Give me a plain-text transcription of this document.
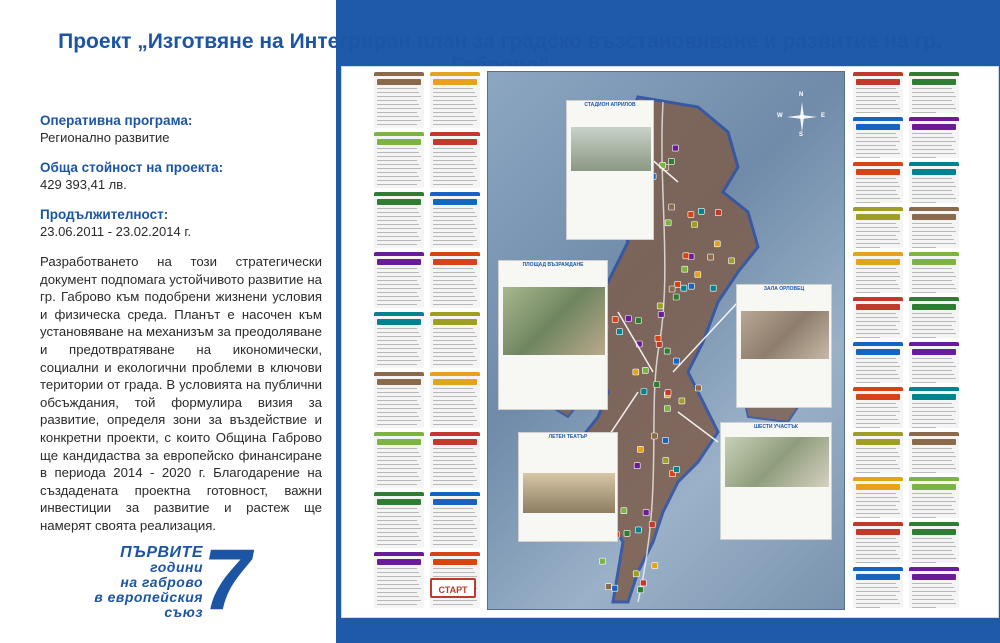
Проект „Изготвяне на Интегриран план за градско възстановяване и развитие на гр.
Оперативна програма:
Регионално развитие
Обща стойност на проекта:
429 393,41 лв.
Продължителност:
23.06.2011 - 23.02.2014 г.

Разработването на този стратегически документ подпомага устойчивото развитие на гр. Габрово към подобрени жизнени условия и физическа среда. Планът е насочен към установяване на механизъм за преодоляване и предотвратяване на икономически, социални и екологични проблеми в ключови територии от града. В условията на публични обсъждания, той формулира визия за развитие, определя зони за въздействие и конкретни проекти, с които Община Габрово ще кандидаства за европейско финансиране в периода 2014 - 2020 г. Благодарение на създадената проектна готовност, важни инвестиции за развитие и растеж ще намерят своята реализация.

ПЪРВИТЕ
години
на габрово
в европейския
съюз 7
СТАДИОН АПРИЛОВ
ПЛОЩАД ВЪЗРАЖДАНЕ
ЗАЛА ОРЛОВЕЦ
ЛЕТЕН ТЕАТЪР
ШЕСТИ УЧАСТЪК
N
S
E
W
СТАРТ
